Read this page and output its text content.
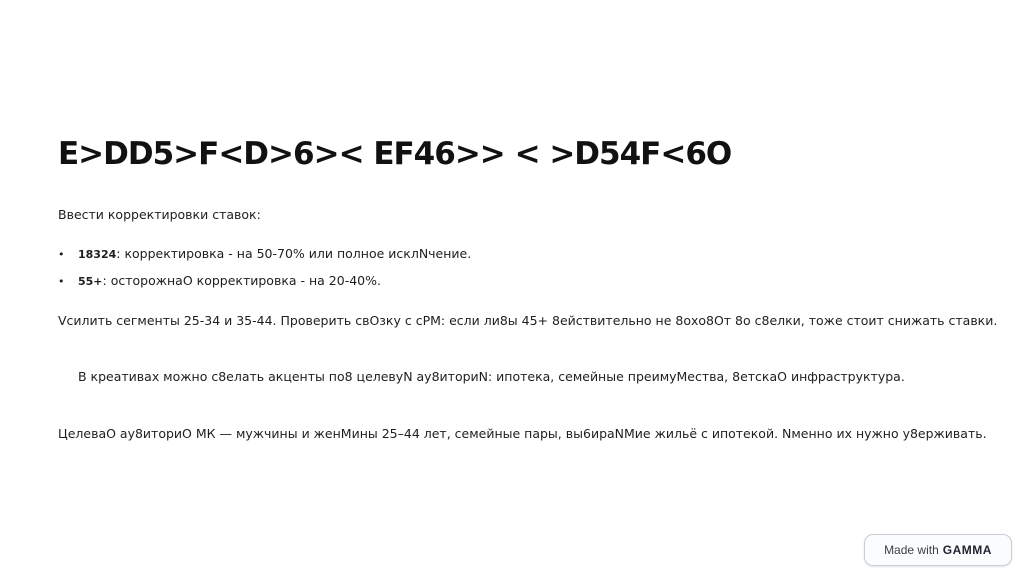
E>DD5>F<D>6>< EF46>> < >D54F<6O
Ввести корректировки ставок:
• 18324: корректировка - на 50-70% или полное исклNчение.
• 55+: осторожнаO корректировка - на 20-40%.
Vсилить сегменты 25-34 и 35-44. Проверить свOзку с cPM: если ли8ы 45+ 8ействительно не 8охо8От 8о с8елки, тоже стоит снижать ставки.
В креативах можно с8елать акценты по8 целевуN ау8иториN: ипотека, семейные преимуМества, 8етскаO инфраструктура.
ЦелеваO ау8иториO МК — мужчины и женМины 25–44 лет, семейные пары, вы6ираNМие жильё с ипотекой. Nменно их нужно у8ерживать.
Made with GAMMA
